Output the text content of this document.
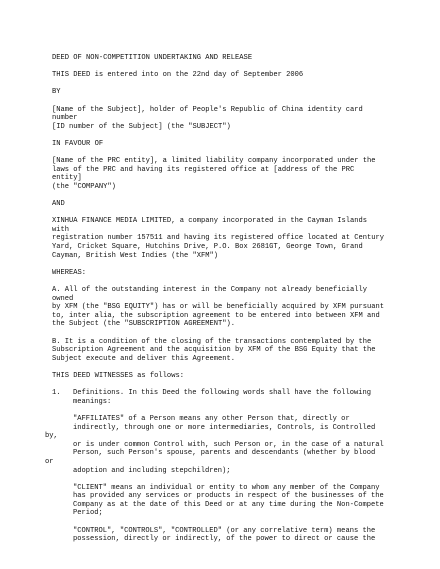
DEED OF NON-COMPETITION UNDERTAKING AND RELEASE

THIS DEED is entered into on the 22nd day of September 2006

BY

[Name of the Subject], holder of People's Republic of China identity card

number

[ID number of the Subject] (the "SUBJECT")

IN FAVOUR OF

[Name of the PRC entity], a limited liability company incorporated under the

laws of the PRC and having its registered office at [address of the PRC

entity]

(the "COMPANY")

AND

XINHUA FINANCE MEDIA LIMITED, a company incorporated in the Cayman Islands

with

registration number 157511 and having its registered office located at Century

Yard, Cricket Square, Hutchins Drive, P.O. Box 2681GT, George Town, Grand

Cayman, British West Indies (the "XFM")

WHEREAS:

A. All of the outstanding interest in the Company not already beneficially

owned

by XFM (the "BSG EQUITY") has or will be beneficially acquired by XFM pursuant

to, inter alia, the subscription agreement to be entered into between XFM and

the Subject (the "SUBSCRIPTION AGREEMENT").

B. It is a condition of the closing of the transactions contemplated by the

Subscription Agreement and the acquisition by XFM of the BSG Equity that the

Subject execute and deliver this Agreement.

THIS DEED WITNESSES as follows:

1. Definitions. In this Deed the following words shall have the following

meanings:

"AFFILIATES" of a Person means any other Person that, directly or

indirectly, through one or more intermediaries, Controls, is Controlled

by,

or is under common Control with, such Person or, in the case of a natural

Person, such Person's spouse, parents and descendants (whether by blood

or

adoption and including stepchildren);

"CLIENT" means an individual or entity to whom any member of the Company

has provided any services or products in respect of the businesses of the

Company as at the date of this Deed or at any time during the Non-Compete

Period;

"CONTROL", "CONTROLS", "CONTROLLED" (or any correlative term) means the

possession, directly or indirectly, of the power to direct or cause the
